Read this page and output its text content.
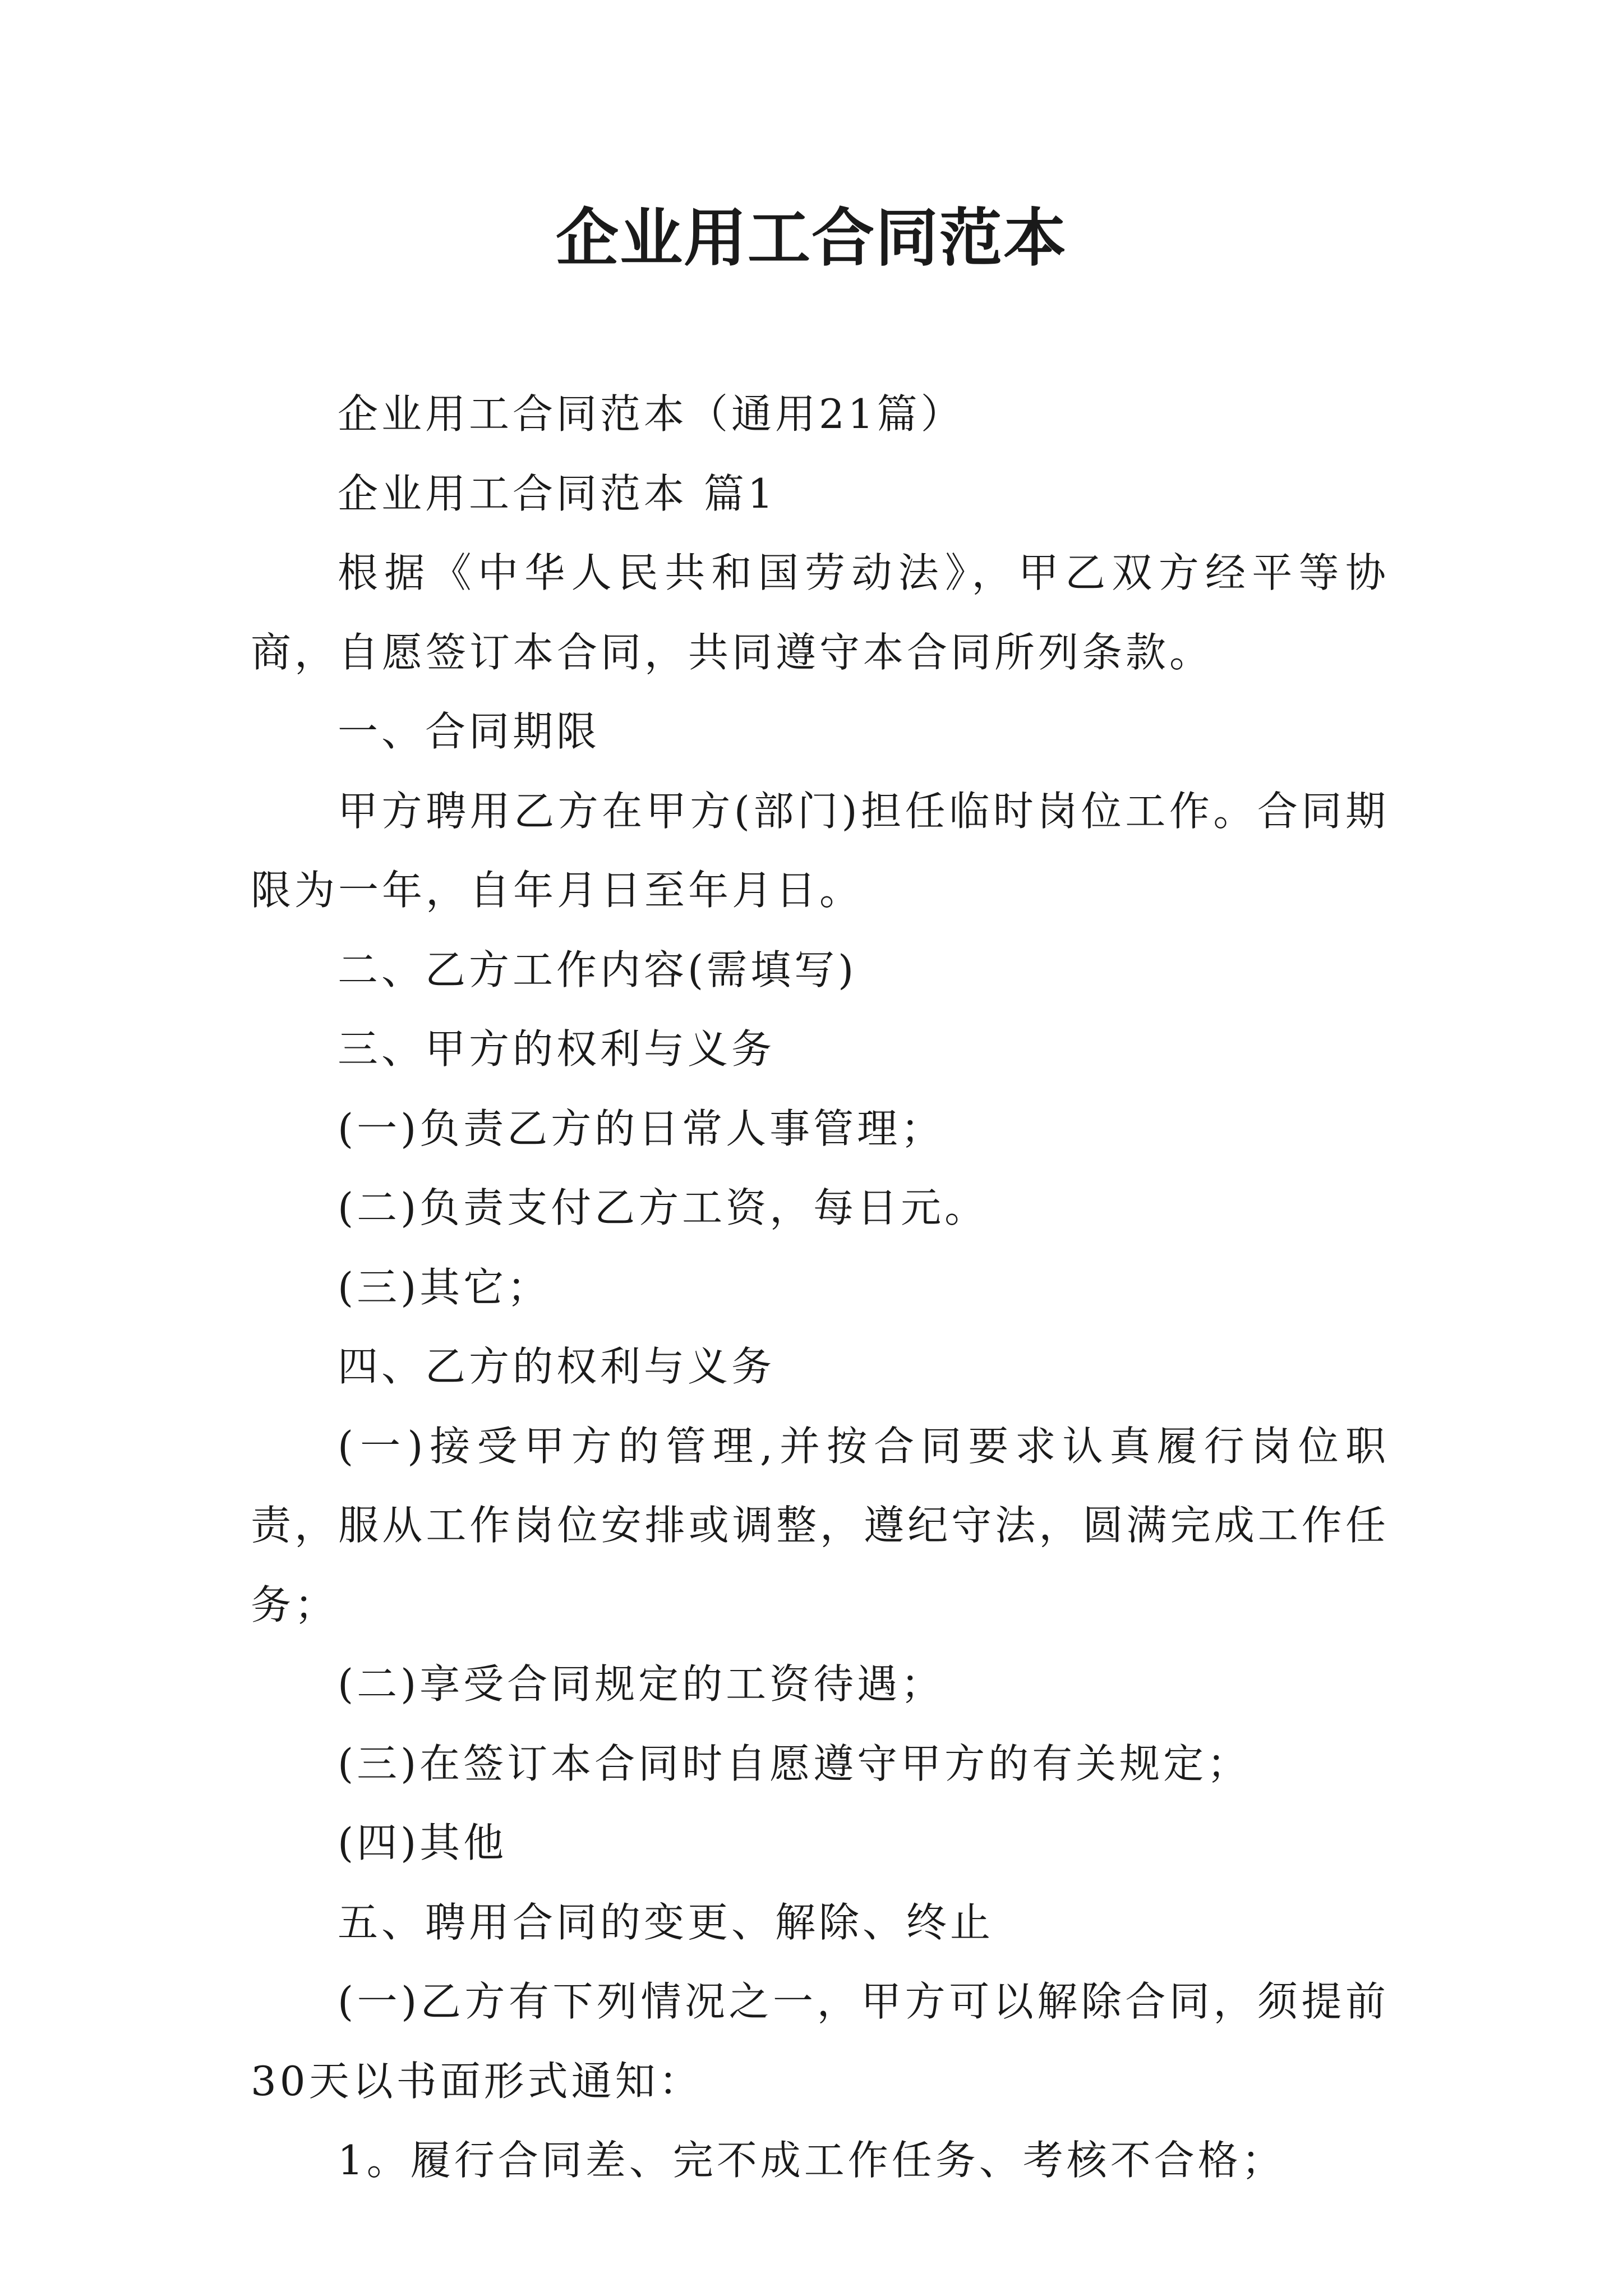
企业用工合同范本

企业用工合同范本（通用21篇）

企业用工合同范本 篇1

根据《中华人民共和国劳动法》，甲乙双方经平等协商，自愿签订本合同，共同遵守本合同所列条款。

一、合同期限

甲方聘用乙方在甲方(部门)担任临时岗位工作。合同期限为一年，自年月日至年月日。

二、乙方工作内容(需填写)

三、甲方的权利与义务

(一)负责乙方的日常人事管理；

(二)负责支付乙方工资，每日元。

(三)其它；

四、乙方的权利与义务

(一)接受甲方的管理,并按合同要求认真履行岗位职责，服从工作岗位安排或调整，遵纪守法，圆满完成工作任务；

(二)享受合同规定的工资待遇；

(三)在签订本合同时自愿遵守甲方的有关规定；

(四)其他

五、聘用合同的变更、解除、终止

(一)乙方有下列情况之一，甲方可以解除合同，须提前30天以书面形式通知：

1。履行合同差、完不成工作任务、考核不合格；
